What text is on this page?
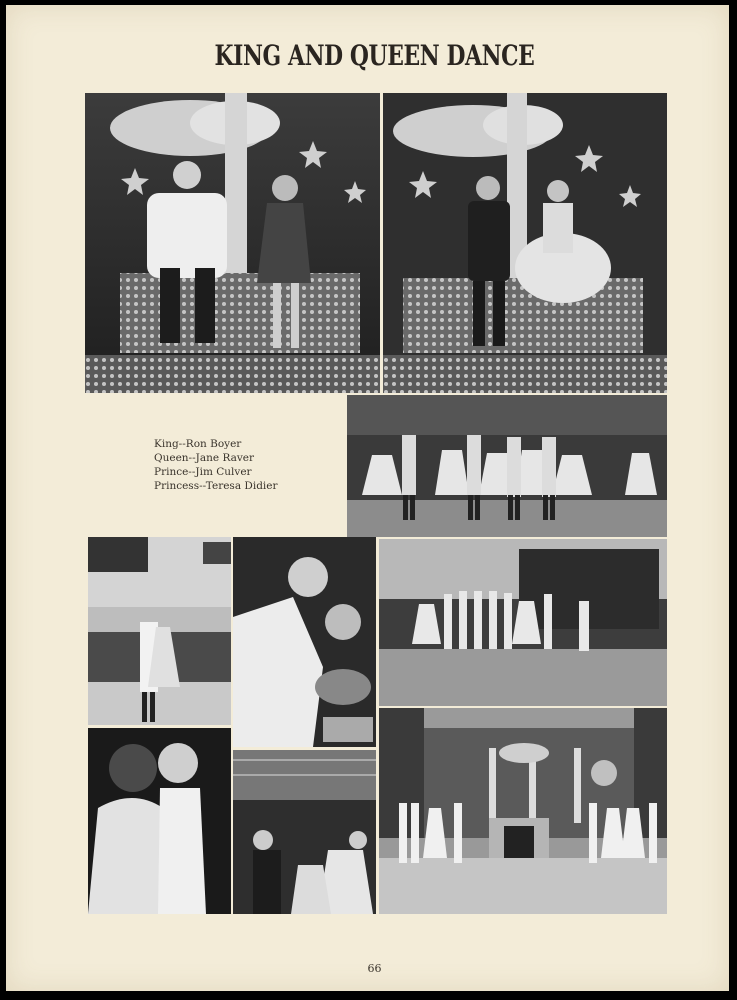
KING AND QUEEN DANCE
King--Ron Boyer
Queen--Jane Raver
Prince--Jim Culver
Princess--Teresa Didier
66
